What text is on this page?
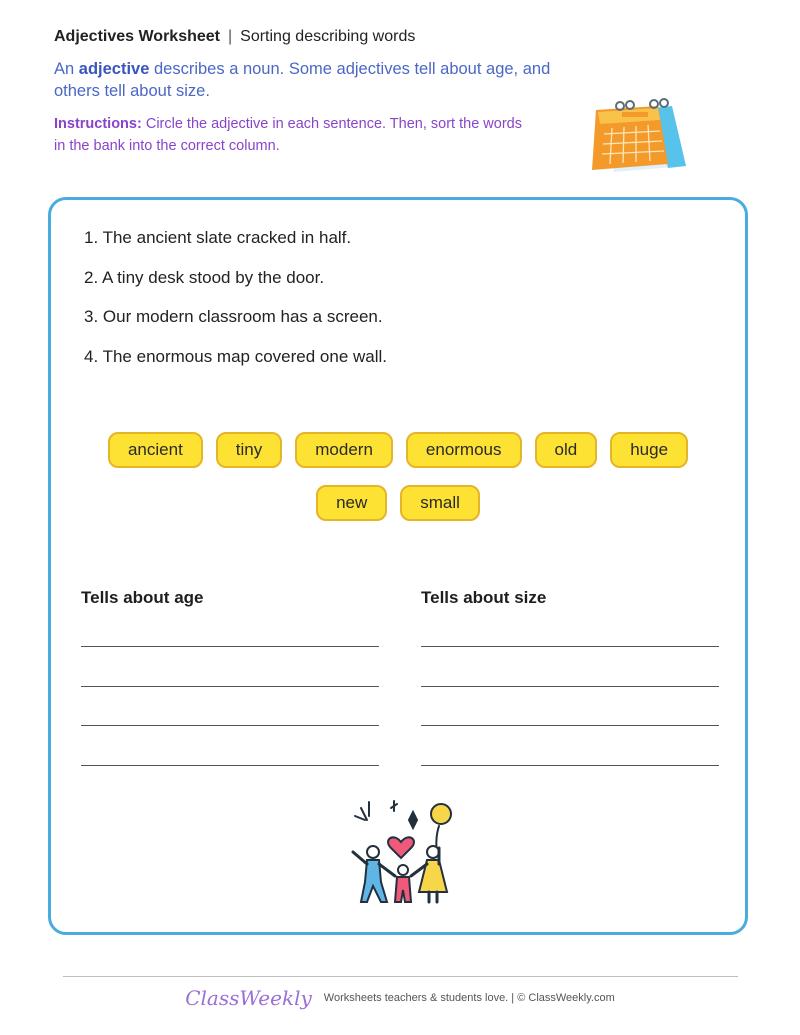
Adjectives Worksheet | Sorting describing words
An adjective describes a noun. Some adjectives tell about age, and others tell about size.
Instructions: Circle the adjective in each sentence. Then, sort the words in the bank into the correct column.
1. The ancient slate cracked in half.
2. A tiny desk stood by the door.
3. Our modern classroom has a screen.
4. The enormous map covered one wall.
ancient	tiny	modern	enormous	old	huge
new	small
Tells about age	Tells about size
ClassWeekly Worksheets teachers & students love. | © ClassWeekly.com
